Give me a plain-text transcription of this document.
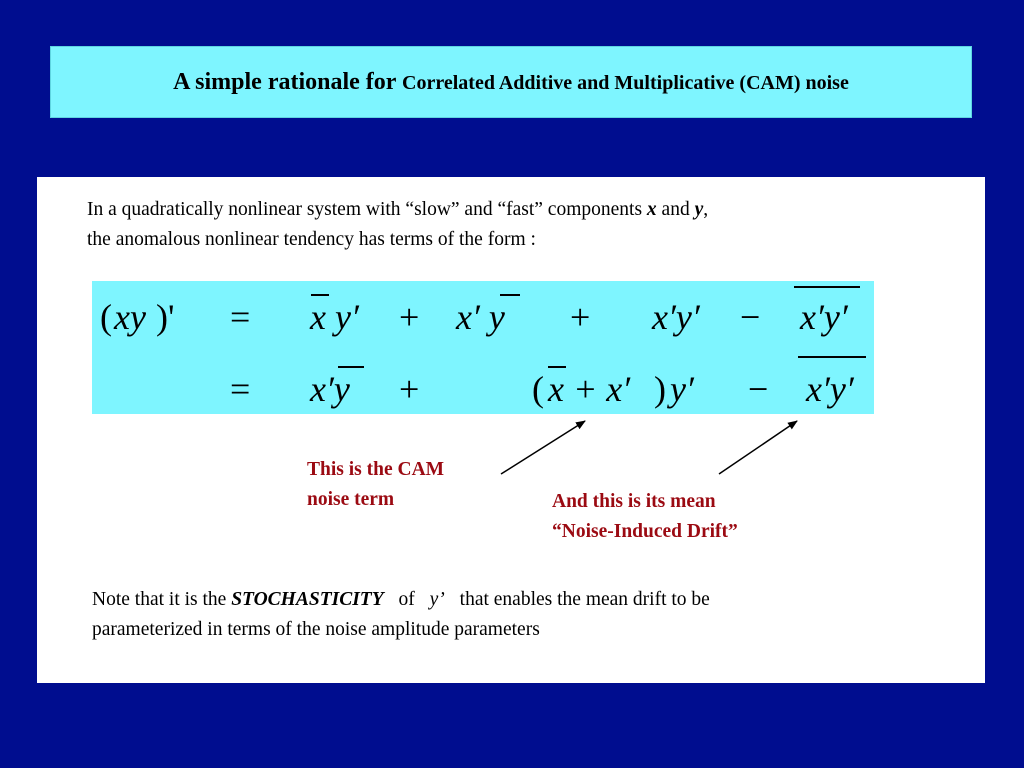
A simple rationale for Correlated Additive and Multiplicative (CAM) noise
In a quadratically nonlinear system with “slow” and “fast” components x and y,
the anomalous nonlinear tendency has terms of the form :
( xy )' = x y′ + x′ y + x′y′ − x′y′
= x′y +	( x + x′ ) y′ − x′y′
This is the CAM
noise term	And this is its mean
“Noise-Induced Drift”
Note that it is the STOCHASTICITY of y’ that enables the mean drift to be
parameterized in terms of the noise amplitude parameters
